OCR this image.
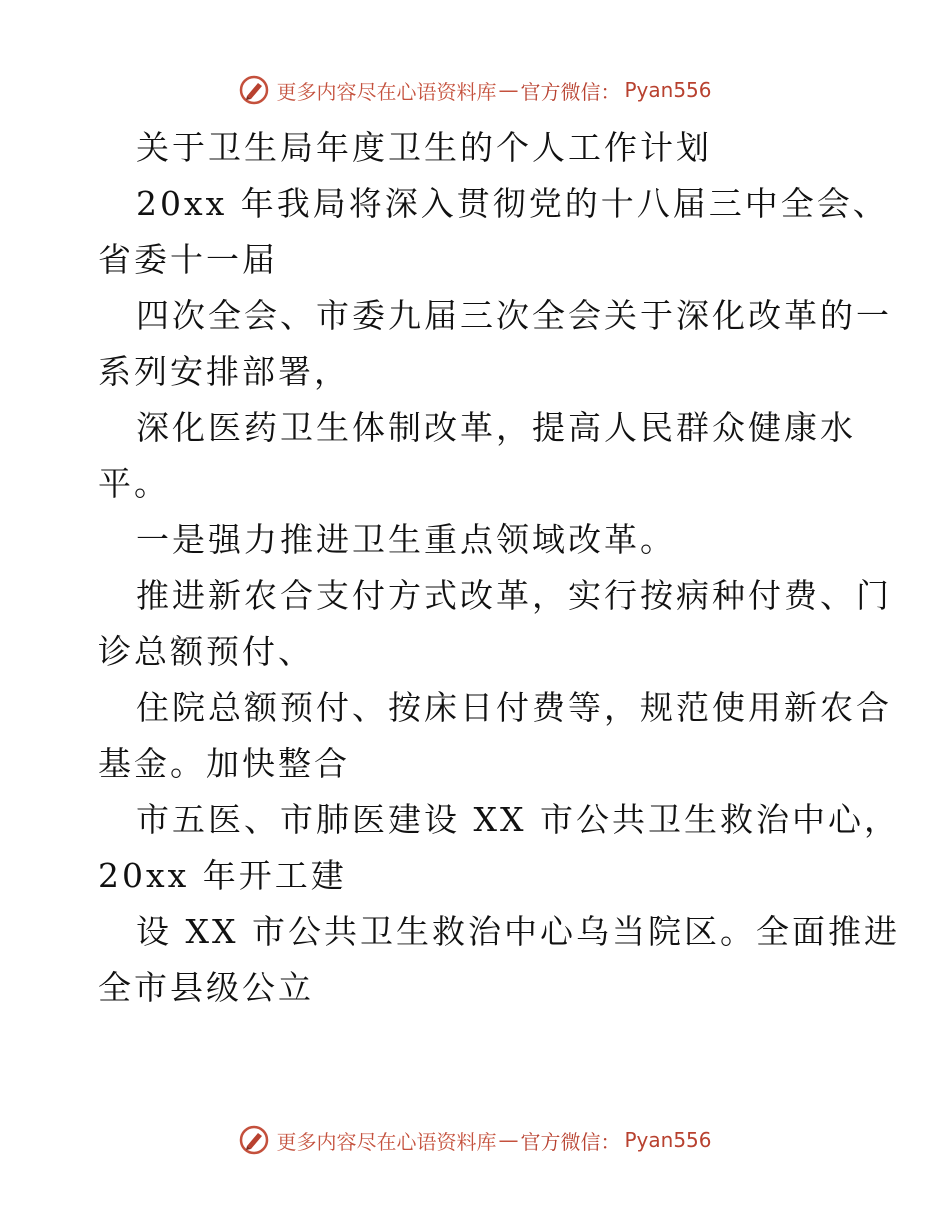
更多内容尽在心语资料库 — 官方微信： Pyan556
关于卫生局年度卫生的个人工作计划
20xx 年我局将深入贯彻党的十八届三中全会、
省委十一届
四次全会、市委九届三次全会关于深化改革的一
系列安排部署，
深化医药卫生体制改革，提高人民群众健康水
平。
一是强力推进卫生重点领域改革。
推进新农合支付方式改革，实行按病种付费、门
诊总额预付、
住院总额预付、按床日付费等，规范使用新农合
基金。加快整合
市五医、市肺医建设 XX 市公共卫生救治中心，
20xx 年开工建
设 XX 市公共卫生救治中心乌当院区。全面推进
全市县级公立
更多内容尽在心语资料库 — 官方微信： Pyan556
